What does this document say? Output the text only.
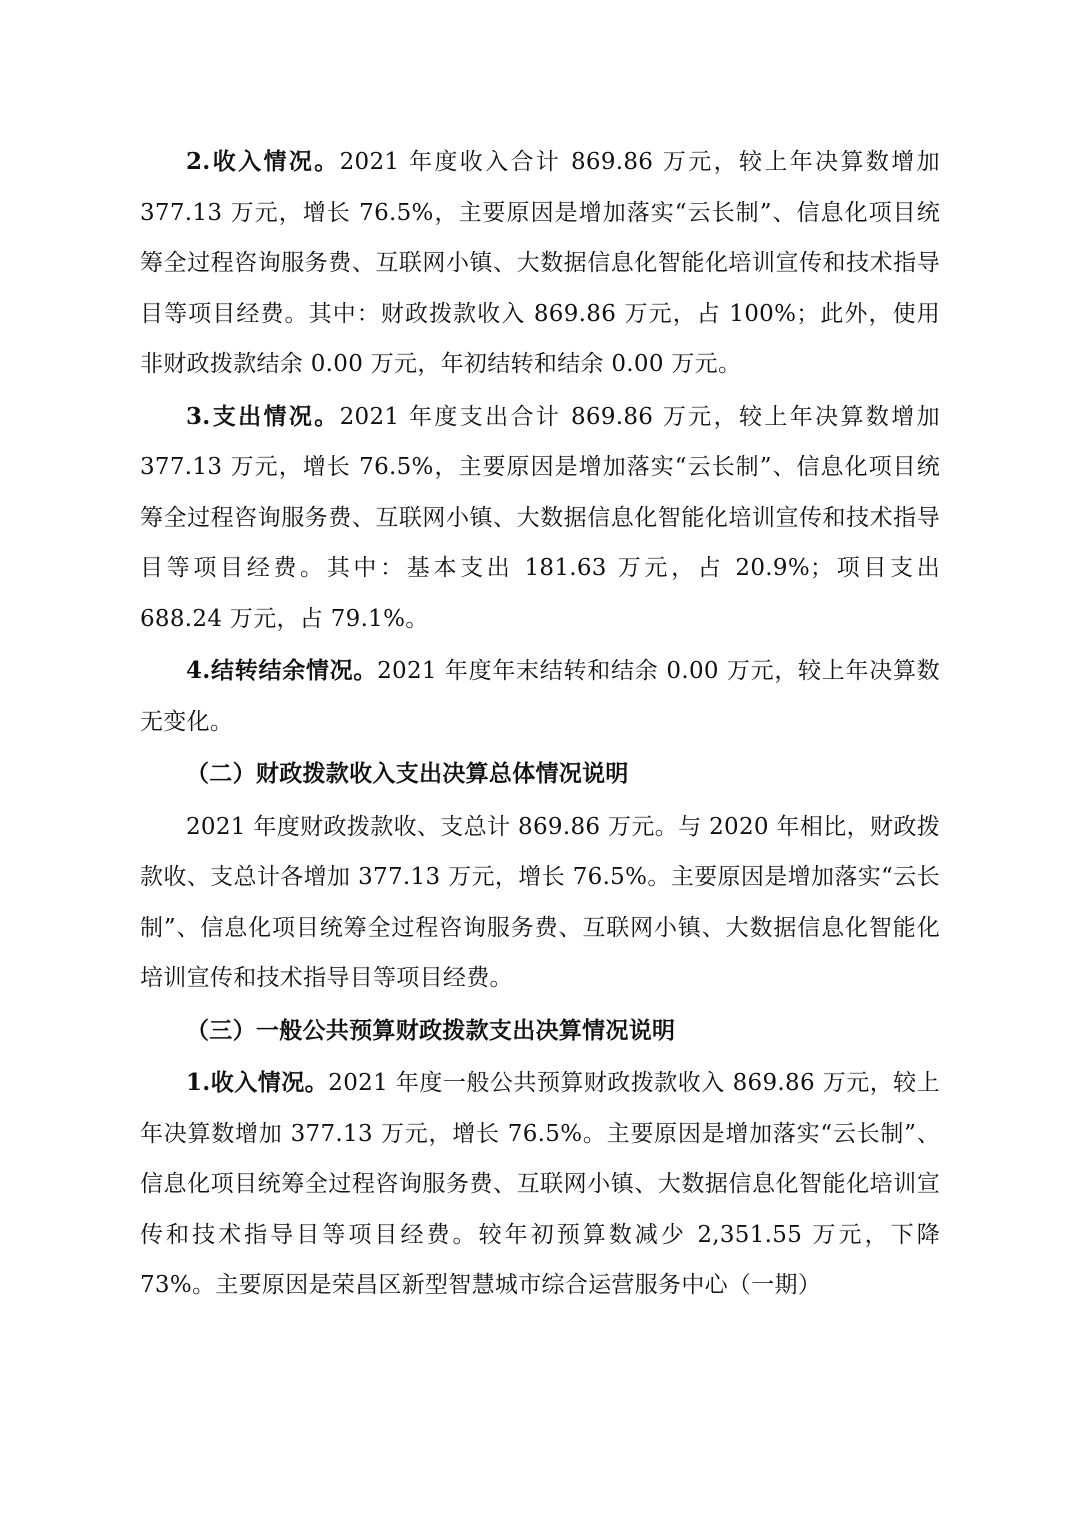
2.收入情况。2021 年度收入合计 869.86 万元，较上年决算数增加 377.13 万元，增长 76.5%，主要原因是增加落实“云长制”、信息化项目统筹全过程咨询服务费、互联网小镇、大数据信息化智能化培训宣传和技术指导目等项目经费。其中：财政拨款收入 869.86 万元，占 100%；此外，使用非财政拨款结余 0.00 万元，年初结转和结余 0.00 万元。

3.支出情况。2021 年度支出合计 869.86 万元，较上年决算数增加 377.13 万元，增长 76.5%，主要原因是增加落实“云长制”、信息化项目统筹全过程咨询服务费、互联网小镇、大数据信息化智能化培训宣传和技术指导目等项目经费。其中：基本支出 181.63 万元，占 20.9%；项目支出 688.24 万元，占 79.1%。

4.结转结余情况。2021 年度年末结转和结余 0.00 万元，较上年决算数无变化。

（二）财政拨款收入支出决算总体情况说明

2021 年度财政拨款收、支总计 869.86 万元。与 2020 年相比，财政拨款收、支总计各增加 377.13 万元，增长 76.5%。主要原因是增加落实“云长制”、信息化项目统筹全过程咨询服务费、互联网小镇、大数据信息化智能化培训宣传和技术指导目等项目经费。

（三）一般公共预算财政拨款支出决算情况说明

1.收入情况。2021 年度一般公共预算财政拨款收入 869.86 万元，较上年决算数增加 377.13 万元，增长 76.5%。主要原因是增加落实“云长制”、信息化项目统筹全过程咨询服务费、互联网小镇、大数据信息化智能化培训宣传和技术指导目等项目经费。较年初预算数减少 2,351.55 万元，下降 73%。主要原因是荣昌区新型智慧城市综合运营服务中心（一期）
